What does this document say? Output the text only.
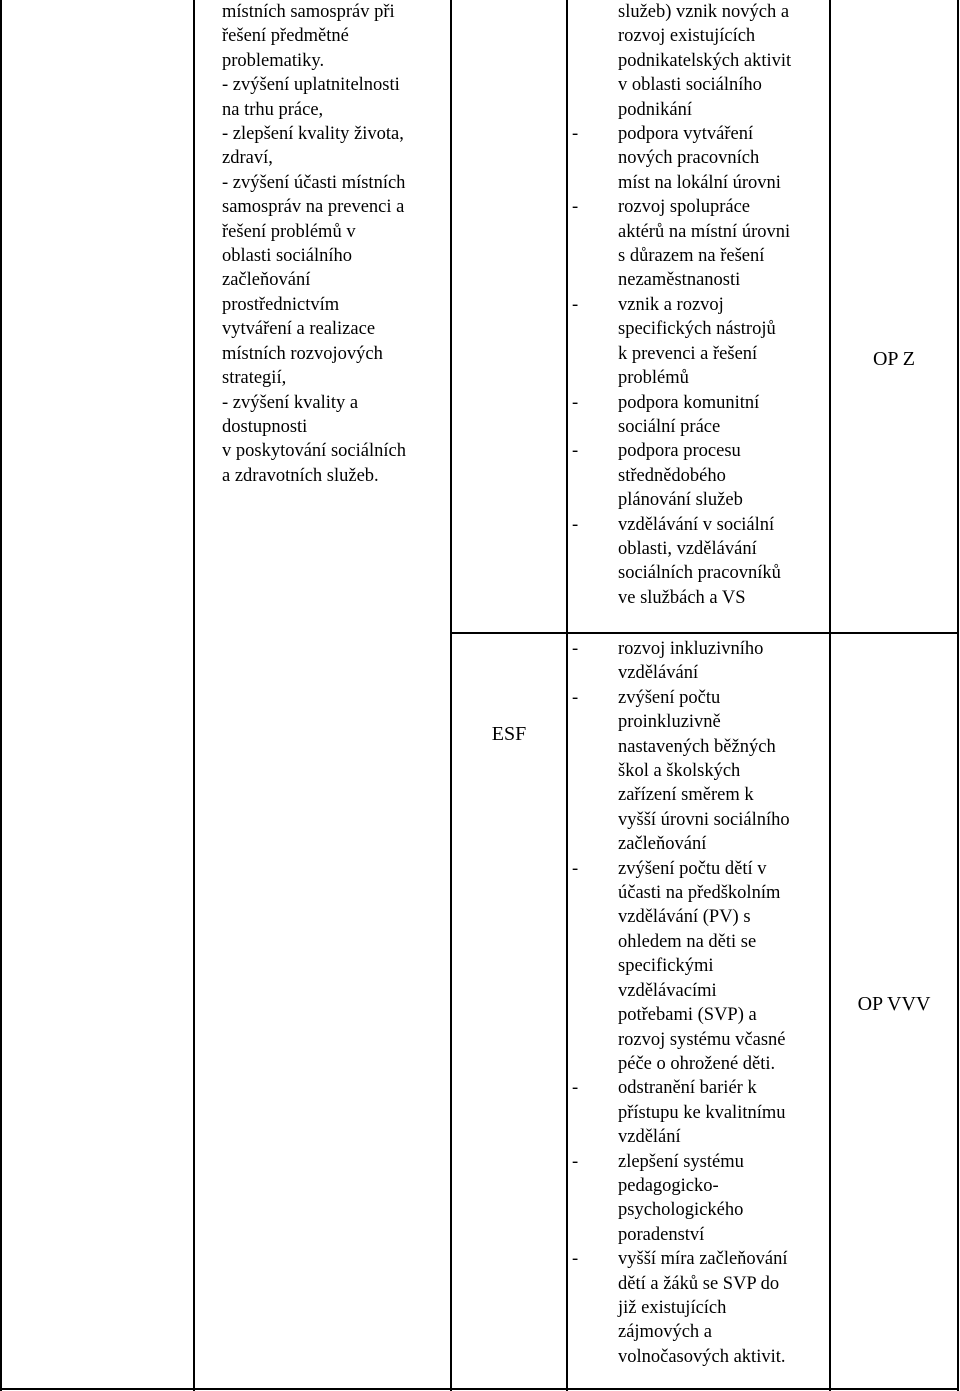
místních samospráv při
řešení předmětné
problematiky.
- zvýšení uplatnitelnosti
na trhu práce,
- zlepšení kvality života,
zdraví,
- zvýšení účasti místních
samospráv na prevenci a
řešení problémů v
oblasti sociálního
začleňování
prostřednictvím
vytváření a realizace
místních rozvojových
strategií,
- zvýšení kvality a
dostupnosti
v poskytování sociálních
a zdravotních služeb.
služeb) vznik nových a
rozvoj existujících
podnikatelských aktivit
v oblasti sociálního
podnikání
- podpora vytváření
nových pracovních
míst na lokální úrovni
- rozvoj spolupráce
aktérů na místní úrovni
s důrazem na řešení
nezaměstnanosti
- vznik a rozvoj
specifických nástrojů
k prevenci a řešení
problémů
- podpora komunitní
sociální práce
- podpora procesu
střednědobého
plánování služeb
- vzdělávání v sociální
oblasti, vzdělávání
sociálních pracovníků
ve službách a VS
OP Z
ESF
- rozvoj inkluzivního
vzdělávání
- zvýšení počtu
proinkluzivně
nastavených běžných
škol a školských
zařízení směrem k
vyšší úrovni sociálního
začleňování
- zvýšení počtu dětí v
účasti na předškolním
vzdělávání (PV) s
ohledem na děti se
specifickými
vzdělávacími
potřebami (SVP) a
rozvoj systému včasné
péče o ohrožené děti.
- odstranění bariér k
přístupu ke kvalitnímu
vzdělání
- zlepšení systému
pedagogicko-
psychologického
poradenství
- vyšší míra začleňování
dětí a žáků se SVP do
již existujících
zájmových a
volnočasových aktivit.
OP VVV
